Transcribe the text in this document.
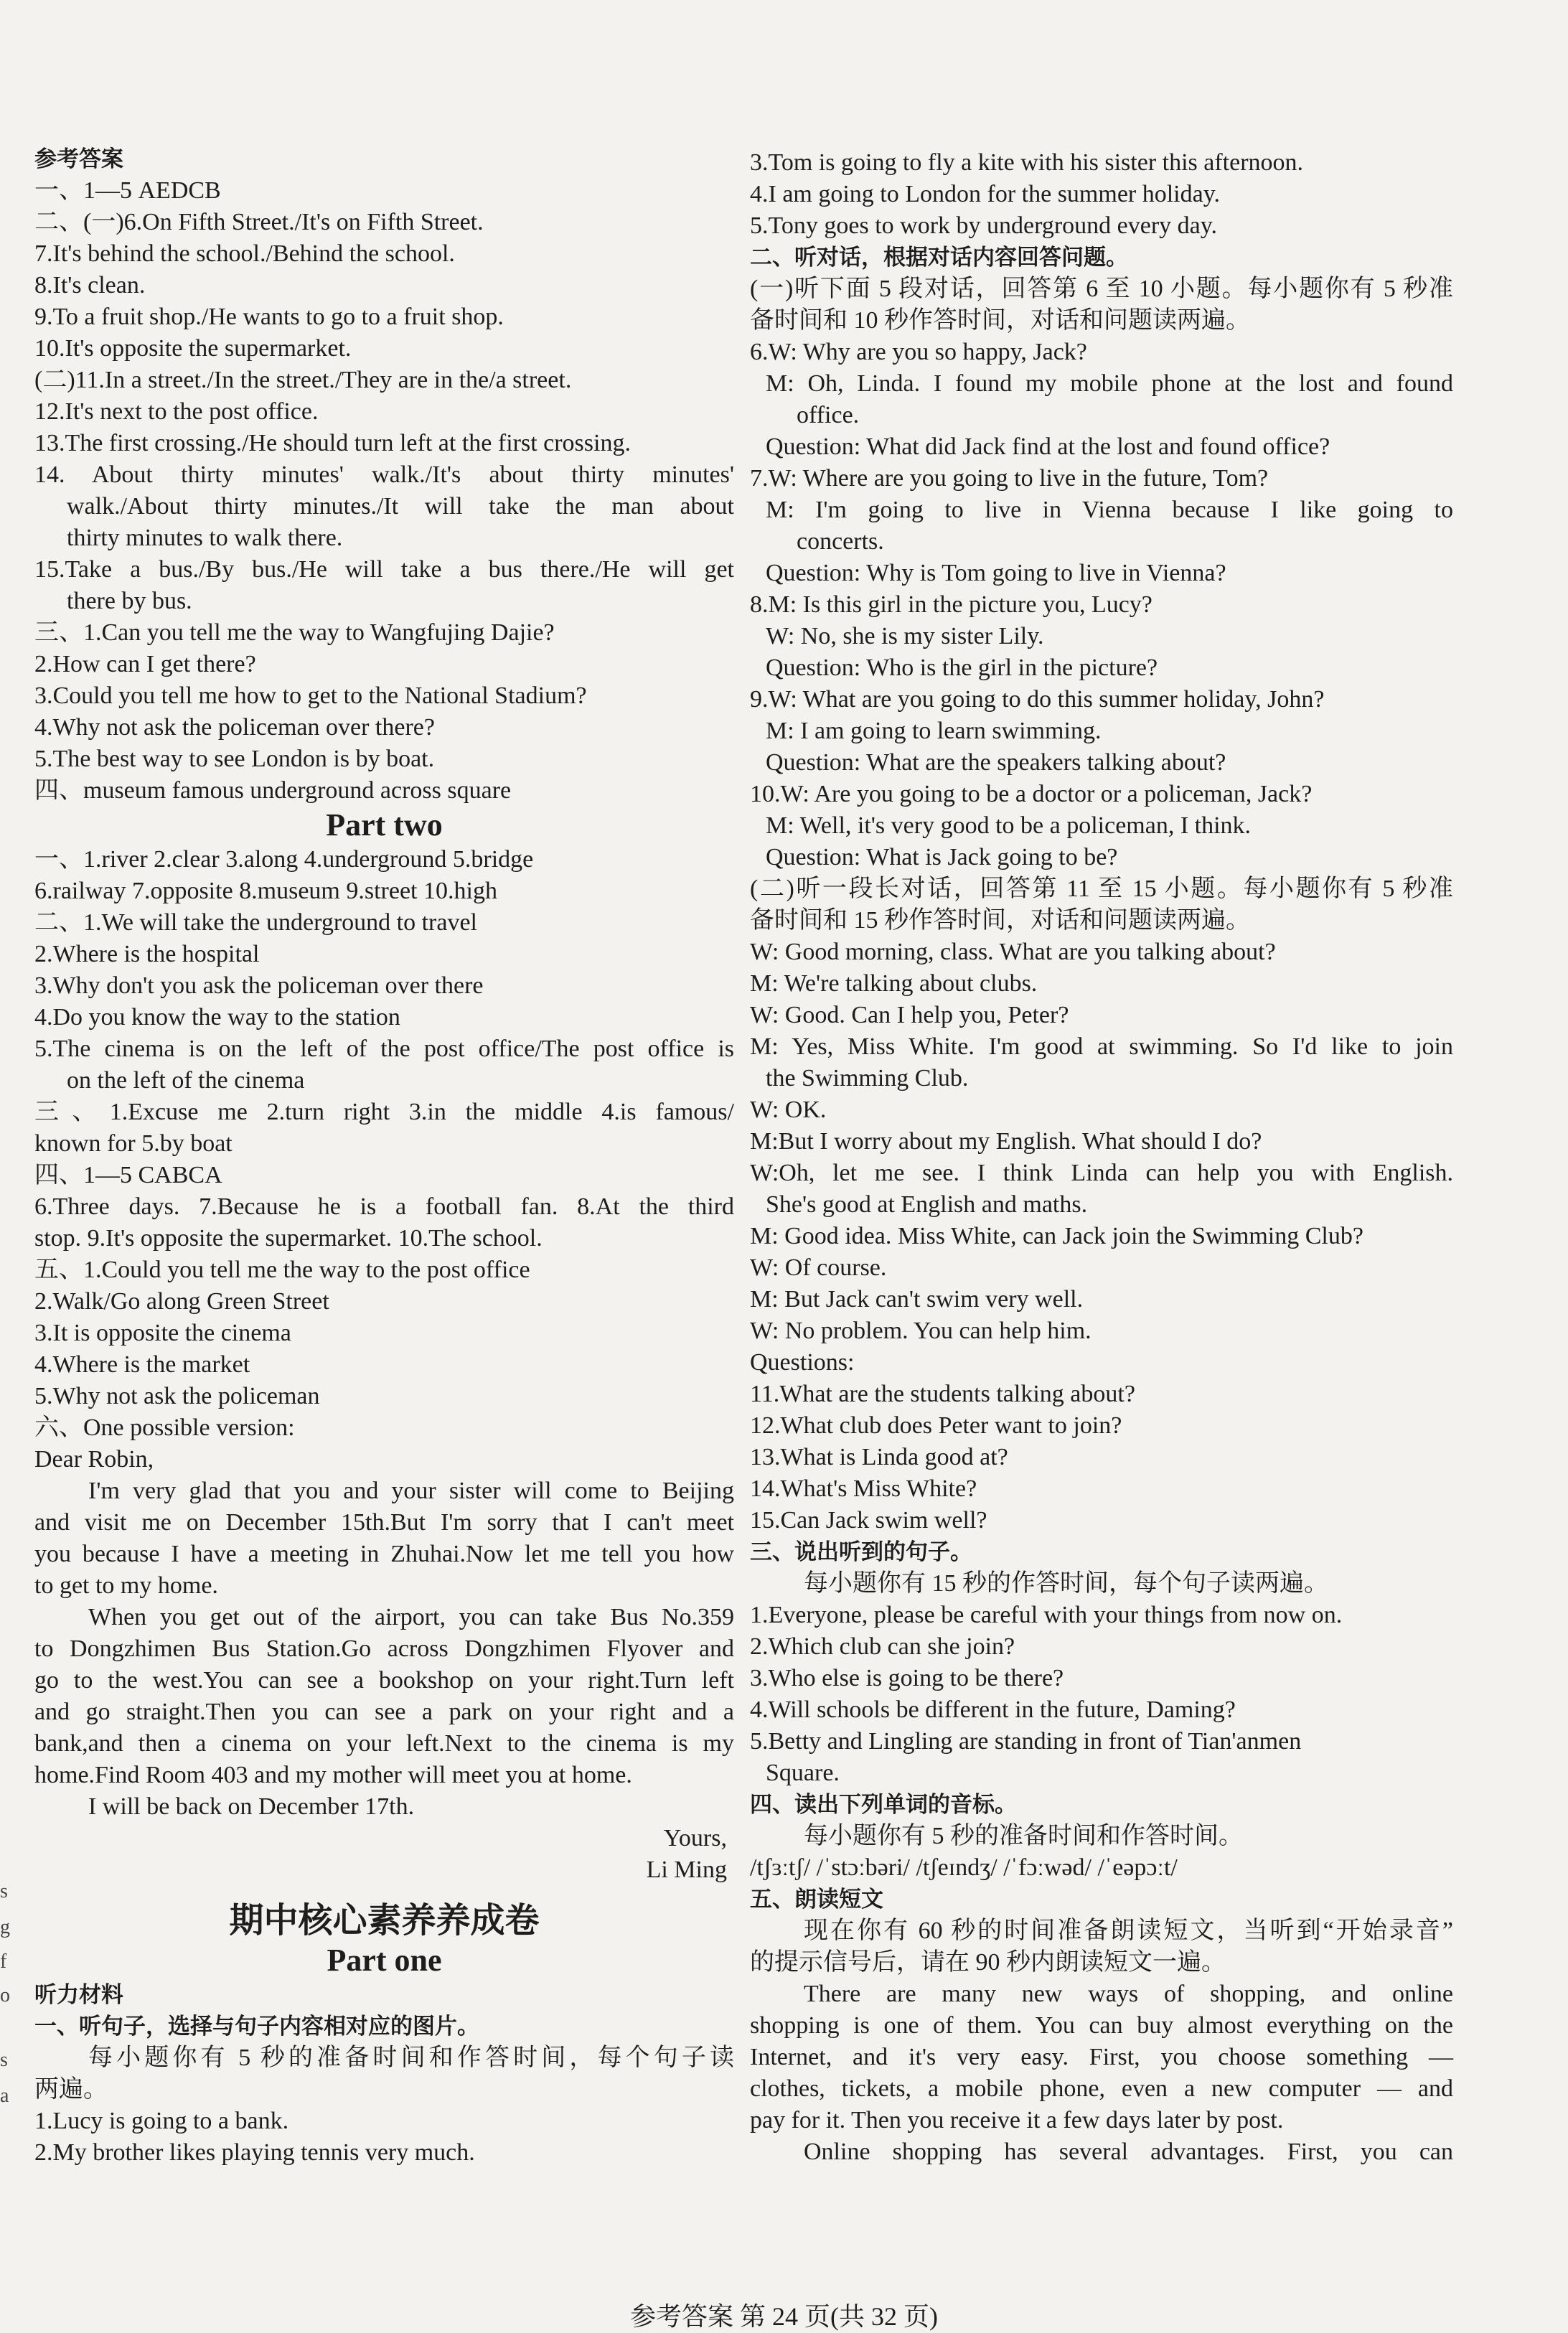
参考答案
一、1—5 AEDCB
二、(一)6.On Fifth Street./It's on Fifth Street.
7.It's behind the school./Behind the school.
8.It's clean.
9.To a fruit shop./He wants to go to a fruit shop.
10.It's opposite the supermarket.
(二)11.In a street./In the street./They are in the/a street.
12.It's next to the post office.
13.The first crossing./He should turn left at the first crossing.
14. About thirty minutes' walk./It's about thirty minutes'
walk./About thirty minutes./It will take the man about
thirty minutes to walk there.
15.Take a bus./By bus./He will take a bus there./He will get
there by bus.
三、1.Can you tell me the way to Wangfujing Dajie?
2.How can I get there?
3.Could you tell me how to get to the National Stadium?
4.Why not ask the policeman over there?
5.The best way to see London is by boat.
四、museum famous underground across square
Part two
一、1.river 2.clear 3.along 4.underground 5.bridge
6.railway 7.opposite 8.museum 9.street 10.high
二、1.We will take the underground to travel
2.Where is the hospital
3.Why don't you ask the policeman over there
4.Do you know the way to the station
5.The cinema is on the left of the post office/The post office is
on the left of the cinema
三、1.Excuse me 2.turn right 3.in the middle 4.is famous/
known for 5.by boat
四、1—5 CABCA
6.Three days. 7.Because he is a football fan. 8.At the third
stop. 9.It's opposite the supermarket. 10.The school.
五、1.Could you tell me the way to the post office
2.Walk/Go along Green Street
3.It is opposite the cinema
4.Where is the market
5.Why not ask the policeman
六、One possible version:
Dear Robin,
I'm very glad that you and your sister will come to Beijing
and visit me on December 15th.But I'm sorry that I can't meet
you because I have a meeting in Zhuhai.Now let me tell you how
to get to my home.
When you get out of the airport, you can take Bus No.359
to Dongzhimen Bus Station.Go across Dongzhimen Flyover and
go to the west.You can see a bookshop on your right.Turn left
and go straight.Then you can see a park on your right and a
bank,and then a cinema on your left.Next to the cinema is my
home.Find Room 403 and my mother will meet you at home.
I will be back on December 17th.
Yours,
Li Ming
期中核心素养养成卷
Part one
听力材料
一、听句子，选择与句子内容相对应的图片。
每小题你有 5 秒的准备时间和作答时间，每个句子读
两遍。
1.Lucy is going to a bank.
2.My brother likes playing tennis very much.
3.Tom is going to fly a kite with his sister this afternoon.
4.I am going to London for the summer holiday.
5.Tony goes to work by underground every day.
二、听对话，根据对话内容回答问题。
(一)听下面 5 段对话，回答第 6 至 10 小题。每小题你有 5 秒准
备时间和 10 秒作答时间，对话和问题读两遍。
6.W: Why are you so happy, Jack?
M: Oh, Linda. I found my mobile phone at the lost and found
office.
Question: What did Jack find at the lost and found office?
7.W: Where are you going to live in the future, Tom?
M: I'm going to live in Vienna because I like going to
concerts.
Question: Why is Tom going to live in Vienna?
8.M: Is this girl in the picture you, Lucy?
W: No, she is my sister Lily.
Question: Who is the girl in the picture?
9.W: What are you going to do this summer holiday, John?
M: I am going to learn swimming.
Question: What are the speakers talking about?
10.W: Are you going to be a doctor or a policeman, Jack?
M: Well, it's very good to be a policeman, I think.
Question: What is Jack going to be?
(二)听一段长对话，回答第 11 至 15 小题。每小题你有 5 秒准
备时间和 15 秒作答时间，对话和问题读两遍。
W: Good morning, class. What are you talking about?
M: We're talking about clubs.
W: Good. Can I help you, Peter?
M: Yes, Miss White. I'm good at swimming. So I'd like to join
the Swimming Club.
W: OK.
M:But I worry about my English. What should I do?
W:Oh, let me see. I think Linda can help you with English.
She's good at English and maths.
M: Good idea. Miss White, can Jack join the Swimming Club?
W: Of course.
M: But Jack can't swim very well.
W: No problem. You can help him.
Questions:
11.What are the students talking about?
12.What club does Peter want to join?
13.What is Linda good at?
14.What's Miss White?
15.Can Jack swim well?
三、说出听到的句子。
每小题你有 15 秒的作答时间，每个句子读两遍。
1.Everyone, please be careful with your things from now on.
2.Which club can she join?
3.Who else is going to be there?
4.Will schools be different in the future, Daming?
5.Betty and Lingling are standing in front of Tian'anmen
Square.
四、读出下列单词的音标。
每小题你有 5 秒的准备时间和作答时间。
/tʃɜːtʃ/ /ˈstɔːbəri/ /tʃeɪndʒ/ /ˈfɔːwəd/ /ˈeəpɔːt/
五、朗读短文
现在你有 60 秒的时间准备朗读短文，当听到“开始录音”
的提示信号后，请在 90 秒内朗读短文一遍。
There are many new ways of shopping, and online
shopping is one of them. You can buy almost everything on the
Internet, and it's very easy. First, you choose something —
clothes, tickets, a mobile phone, even a new computer — and
pay for it. Then you receive it a few days later by post.
Online shopping has several advantages. First, you can
s
g
f
o
s
a
参考答案 第 24 页(共 32 页)
